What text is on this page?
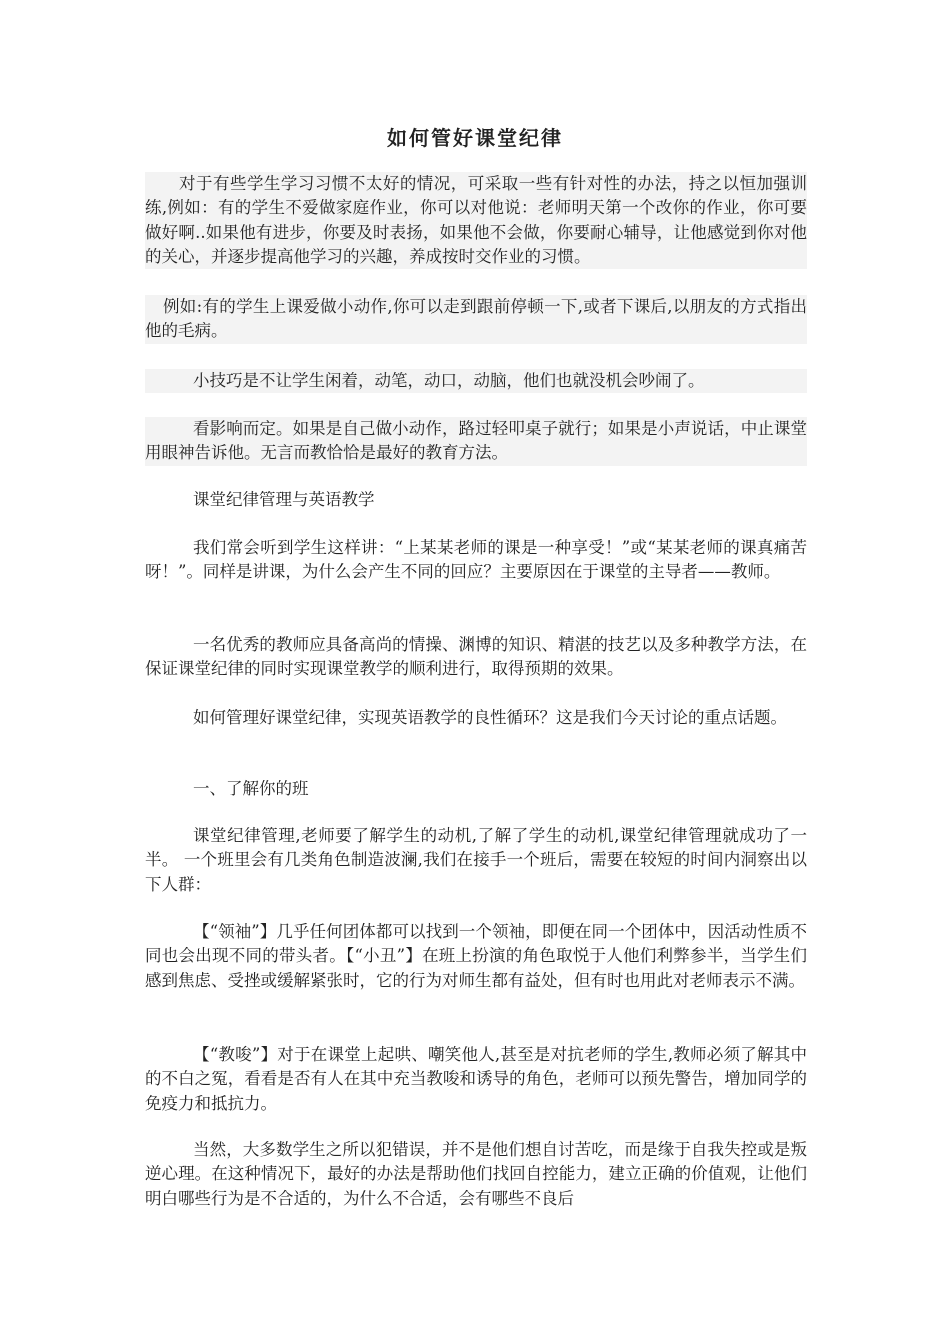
如何管好课堂纪律

对于有些学生学习习惯不太好的情况，可采取一些有针对性的办法，持之以恒加强训练,例如：有的学生不爱做家庭作业，你可以对他说：老师明天第一个改你的作业，你可要做好啊..如果他有进步，你要及时表扬，如果他不会做，你要耐心辅导，让他感觉到你对他的关心，并逐步提高他学习的兴趣，养成按时交作业的习惯。

例如:有的学生上课爱做小动作,你可以走到跟前停顿一下,或者下课后,以朋友的方式指出他的毛病。

小技巧是不让学生闲着，动笔，动口，动脑，他们也就没机会吵闹了。

看影响而定。如果是自己做小动作，路过轻叩桌子就行；如果是小声说话，中止课堂用眼神告诉他。无言而教恰恰是最好的教育方法。

课堂纪律管理与英语教学

我们常会听到学生这样讲：“上某某老师的课是一种享受！”或“某某老师的课真痛苦呀！”。同样是讲课，为什么会产生不同的回应？主要原因在于课堂的主导者——教师。

一名优秀的教师应具备高尚的情操、渊博的知识、精湛的技艺以及多种教学方法，在保证课堂纪律的同时实现课堂教学的顺利进行，取得预期的效果。

如何管理好课堂纪律，实现英语教学的良性循环？这是我们今天讨论的重点话题。

一、了解你的班

课堂纪律管理,老师要了解学生的动机,了解了学生的动机,课堂纪律管理就成功了一半。 一个班里会有几类角色制造波澜,我们在接手一个班后，需要在较短的时间内洞察出以下人群：

【“领袖”】几乎任何团体都可以找到一个领袖，即便在同一个团体中，因活动性质不同也会出现不同的带头者。【“小丑”】在班上扮演的角色取悦于人他们利弊参半，当学生们感到焦虑、受挫或缓解紧张时，它的行为对师生都有益处，但有时也用此对老师表示不满。

【“教唆”】对于在课堂上起哄、嘲笑他人,甚至是对抗老师的学生,教师必须了解其中的不白之冤，看看是否有人在其中充当教唆和诱导的角色，老师可以预先警告，增加同学的免疫力和抵抗力。

当然，大多数学生之所以犯错误，并不是他们想自讨苦吃，而是缘于自我失控或是叛逆心理。在这种情况下，最好的办法是帮助他们找回自控能力，建立正确的价值观，让他们明白哪些行为是不合适的，为什么不合适，会有哪些不良后
